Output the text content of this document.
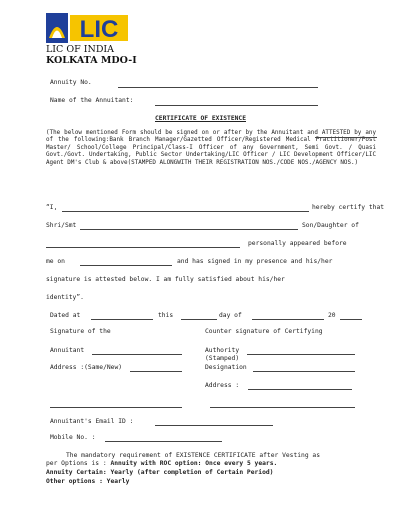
LIC
LIC OF INDIA
KOLKATA MDO-I
Annuity No.
Name of the Annuitant:
CERTIFICATE OF EXISTENCE
(The below mentioned Form should be signed on or after by the Annuitant and ATTESTED by any of the following:Bank Branch Manager/Gazetted Officer/Registered Medical Practitioner/Post Master/ School/College Principal/Class-I Officer of any Government, Semi Govt. / Quasi Govt./Govt. Undertaking, Public Sector Undertaking/LIC Officer / LIC Development Officer/LIC Agent DM's Club & above(STAMPED ALONGWITH THEIR REGISTRATION NOS./CODE NOS./AGENCY NOS.)
“I,	hereby certify that
Shri/Smt	Son/Daughter of
personally appeared before
me on	and has signed in my presence and his/her
signature is attested below. I am fully satisfied about his/her
identity”.
Dated at	this	day of	20
Signature of the	Counter signature of Certifying
Annuitant	Authority
(Stamped)
Address :(Same/New)	Designation
Address :
Annuitant's Email ID :
Mobile No. :
The mandatory requirement of EXISTENCE CERTIFICATE after Vesting as
per Options is : Annuity with ROC option: Once every 5 years.
Annuity Certain: Yearly (after completion of Certain Period)
Other options : Yearly
